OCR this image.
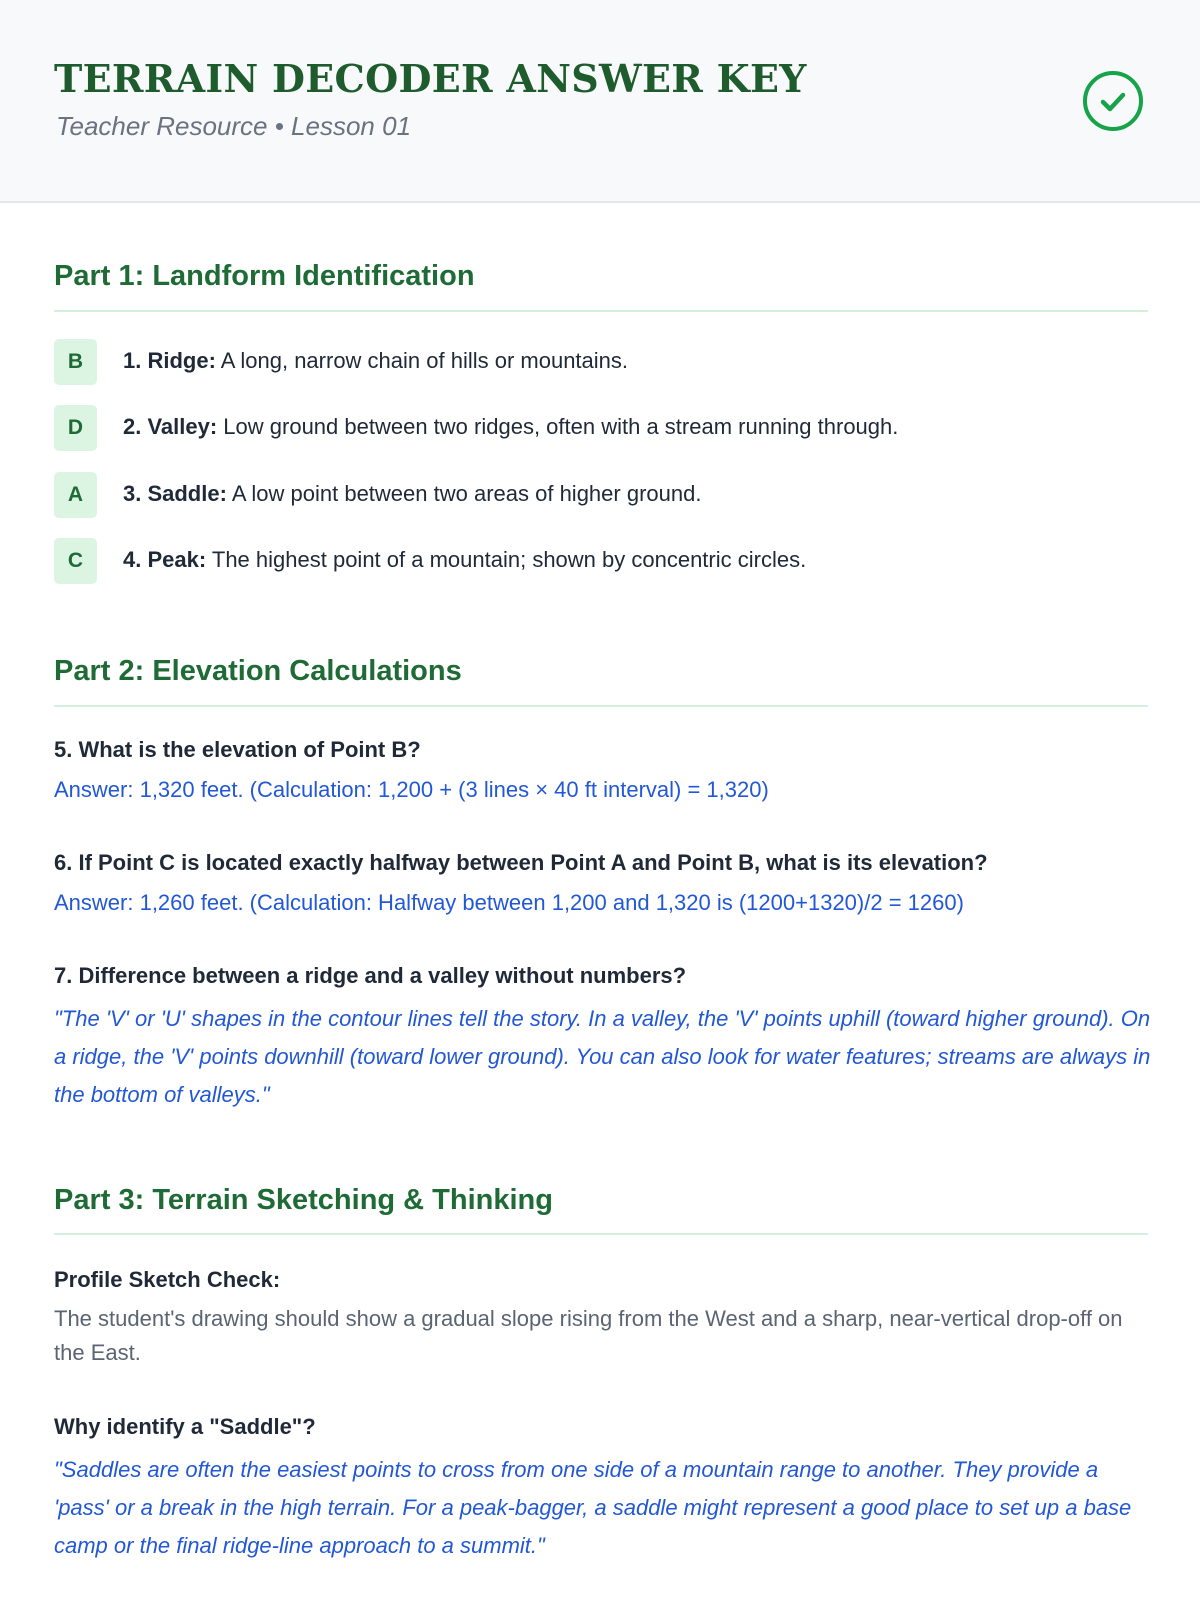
TERRAIN DECODER ANSWER KEY
Teacher Resource • Lesson 01
Part 1: Landform Identification
B	1. Ridge: A long, narrow chain of hills or mountains.
D	2. Valley: Low ground between two ridges, often with a stream running through.
A	3. Saddle: A low point between two areas of higher ground.
C	4. Peak: The highest point of a mountain; shown by concentric circles.
Part 2: Elevation Calculations
5. What is the elevation of Point B?
Answer: 1,320 feet. (Calculation: 1,200 + (3 lines × 40 ft interval) = 1,320)
6. If Point C is located exactly halfway between Point A and Point B, what is its elevation?
Answer: 1,260 feet. (Calculation: Halfway between 1,200 and 1,320 is (1200+1320)/2 = 1260)
7. Difference between a ridge and a valley without numbers?
"The 'V' or 'U' shapes in the contour lines tell the story. In a valley, the 'V' points uphill (toward higher ground). On a ridge, the 'V' points downhill (toward lower ground). You can also look for water features; streams are always in the bottom of valleys."
Part 3: Terrain Sketching & Thinking
Profile Sketch Check:
The student's drawing should show a gradual slope rising from the West and a sharp, near-vertical drop-off on the East.
Why identify a "Saddle"?
"Saddles are often the easiest points to cross from one side of a mountain range to another. They provide a 'pass' or a break in the high terrain. For a peak-bagger, a saddle might represent a good place to set up a base camp or the final ridge-line approach to a summit."
